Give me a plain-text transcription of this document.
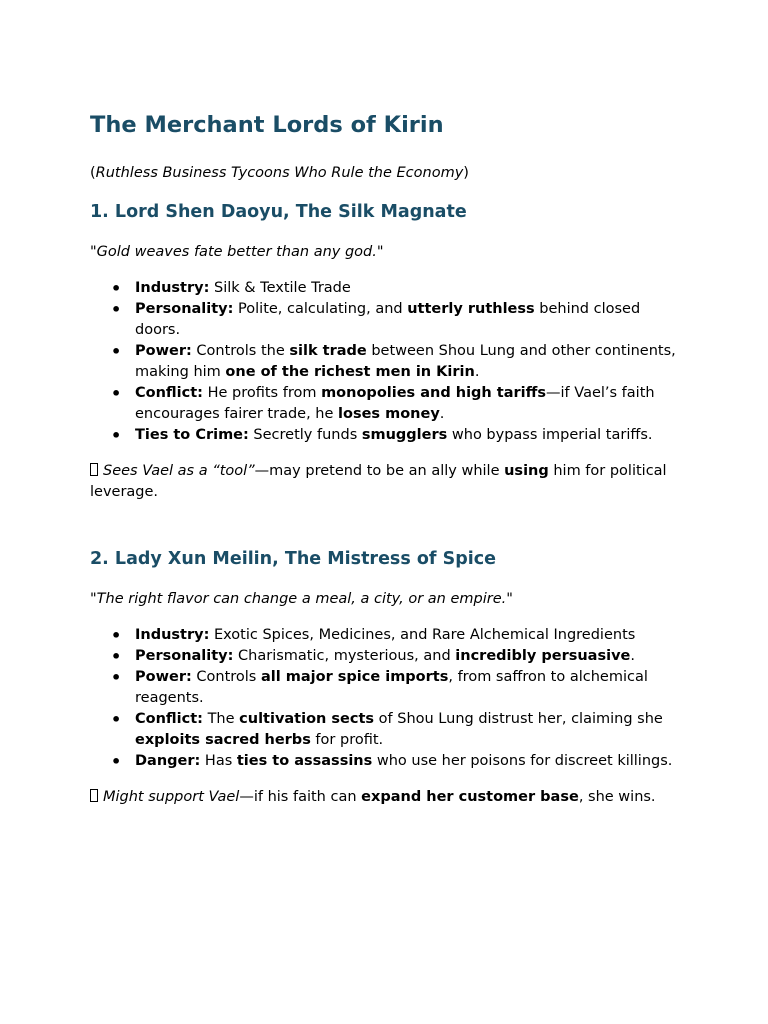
The Merchant Lords of Kirin

(Ruthless Business Tycoons Who Rule the Economy)

1. Lord Shen Daoyu, The Silk Magnate

"Gold weaves fate better than any god."

• Industry: Silk & Textile Trade
• Personality: Polite, calculating, and utterly ruthless behind closed doors.
• Power: Controls the silk trade between Shou Lung and other continents, making him one of the richest men in Kirin.
• Conflict: He profits from monopolies and high tariffs—if Vael’s faith encourages fairer trade, he loses money.
• Ties to Crime: Secretly funds smugglers who bypass imperial tariffs.

Sees Vael as a “tool”—may pretend to be an ally while using him for political leverage.

2. Lady Xun Meilin, The Mistress of Spice

"The right flavor can change a meal, a city, or an empire."

• Industry: Exotic Spices, Medicines, and Rare Alchemical Ingredients
• Personality: Charismatic, mysterious, and incredibly persuasive.
• Power: Controls all major spice imports, from saffron to alchemical reagents.
• Conflict: The cultivation sects of Shou Lung distrust her, claiming she exploits sacred herbs for profit.
• Danger: Has ties to assassins who use her poisons for discreet killings.

Might support Vael—if his faith can expand her customer base, she wins.
